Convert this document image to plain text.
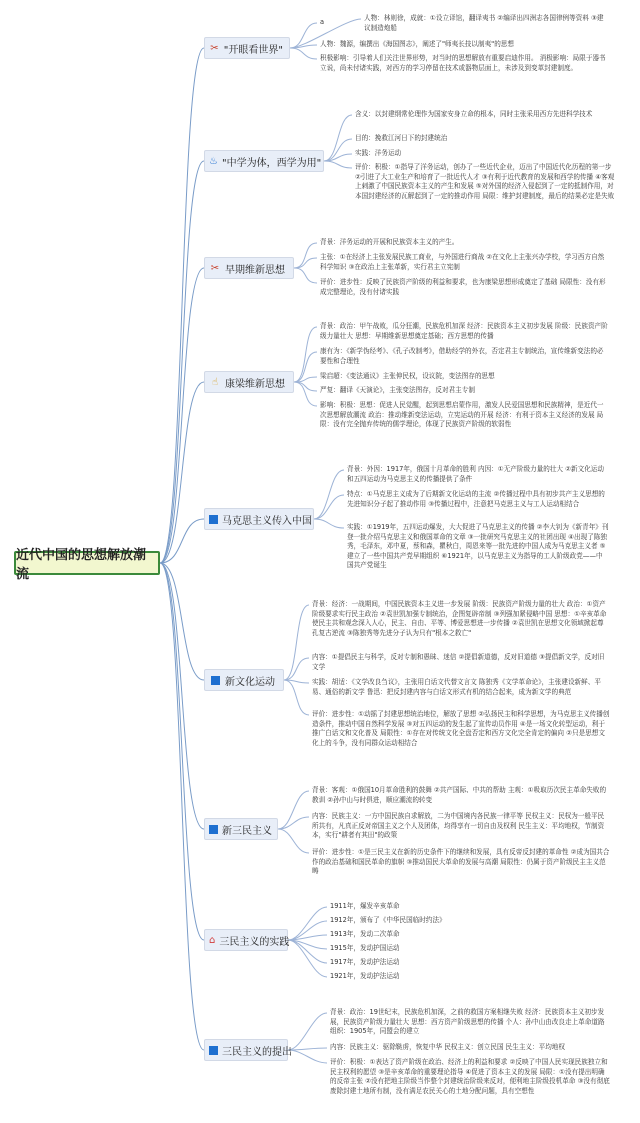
近代中国的思想解放潮流
✂ "开眼看世界"
a	人物：林则徐，成就：①设立译馆，翻译夷书 ②编译出四洲志各国律例等资料 ③建议制造炮船
人物：魏源，编撰出《海国图志》，阐述了"师夷长技以制夷"的思想
积极影响：引导着人们关注世界形势，对当时的思想解放有重要启迪作用。 消极影响：局限于器书立说，尚未付诸实践，对西方的学习停留在技术或器物层面上，未涉及到变革封建制度。
♨ "中学为体，西学为用"
含义：以封建纲常伦理作为国家安身立命的根本，同时主张采用西方先进科学技术
目的：挽救江河日下的封建统治
实践：洋务运动
评价：积极：①指导了洋务运动，创办了一些近代企业，迈出了中国近代化历程的第一步 ②引进了大工业生产和培育了一批近代人才 ③有利于近代教育的发展和西学的传播 ④客观上刺激了中国民族资本主义的产生和发展 ⑤对外国的经济入侵起到了一定的抵制作用，对本国封建经济的瓦解起到了一定的推动作用 局限：维护封建制度，最后的结果必定是失败
✂ 早期维新思想
背景：洋务运动的开展和民族资本主义的产生。
主张：①在经济上主张发展民族工商业，与外国进行商战 ②在文化上主张兴办学校，学习西方自然科学知识 ③在政治上主张革新，实行君主立宪制
评价：进步性：反映了民族资产阶级的利益和要求，也为康梁思想形成奠定了基础 局限性：没有形成完整理论，没有付诸实践
☝ 康梁维新思想
背景：政治：甲午战败，瓜分狂潮，民族危机加深 经济：民族资本主义初步发展 阶级：民族资产阶级力量壮大 思想：早期维新思想奠定基础；西方思想的传播
康有为：《新学伪经考》、《孔子改制考》，借助经学的外衣，否定君主专制统治，宣传维新变法的必要性和合理性
梁启超：《变法通议》主张伸民权，设议院，变法图存的思想
严复：翻译《天演论》，主张变法图存，反对君主专制
影响：积极：思想：促进人民觉醒，起到思想启蒙作用，激发人民爱国思想和民族精神，是近代一次思想解放潮流 政治：推动维新变法运动，立宪运动的开展 经济：有利于资本主义经济的发展 局限：没有完全抛弃传统的儒学理论，体现了民族资产阶级的软弱性
马克思主义传入中国
背景：外因：1917年，俄国十月革命的胜利 内因：①无产阶级力量的壮大 ②新文化运动和五四运动为马克思主义的传播提供了条件
特点：①马克思主义成为了后期新文化运动的主流 ②传播过程中具有初步共产主义思想的先进知识分子起了推动作用 ③传播过程中，注意把马克思主义与工人运动相结合
实践：①1919年，五四运动爆发，大大促进了马克思主义的传播 ②李大钊为《新青年》刊登一批介绍马克思主义和俄国革命的文章 ③一批研究马克思主义的社团出现 ④出现了陈独秀，毛泽东，邓中夏，蔡和森，瞿秋白，周恩来等一批先进的中国人成为马克思主义者 ⑤建立了一些中国共产党早期组织 ⑥1921年，以马克思主义为指导的工人阶级政党——中国共产党诞生
新文化运动
背景：经济：一战期间，中国民族资本主义进一步发展 阶级：民族资产阶级力量的壮大 政治：①资产阶级要求实行民主政治 ②袁世凯加强专制统治，企图复辟帝制 ③列强加紧侵略中国 思想：①辛亥革命使民主共和观念深入人心，民主、自由、平等、博爱思想进一步传播 ②袁世凯在思想文化领域掀起尊孔复古逆流 ③陈独秀等先进分子认为只有"根本之救亡"
内容：①提倡民主与科学，反对专制和愚昧、迷信 ②提倡新道德，反对旧道德 ③提倡新文学，反对旧文学
实践：胡适：《文学改良刍议》，主张用白话文代替文言文 陈独秀《文学革命论》，主张建设新鲜、平易、通俗的新文学 鲁迅：把反封建内容与白话文形式有机的结合起来，成为新文学的典范
评价：进步性：①动摇了封建思想统治地位，解放了思想 ②弘扬民主和科学思想，为马克思主义传播创造条件，推动中国自然科学发展 ③对五四运动的发生起了宣传动员作用 ④是一场文化转型运动，利于推广白话文和文化普及 局限性：①存在对传统文化全盘否定和西方文化完全肯定的偏向 ②只是思想文化上的斗争，没有同群众运动相结合
新三民主义
背景：客观：①俄国10月革命胜利的鼓舞 ②共产国际、中共的帮助 主观：①吸取历次民主革命失败的教训 ②孙中山与时俱进，顺应潮流的转变
内容：民族主义：一方中国民族自求解放，二为中国境内各民族一律平等 民权主义：民权为一般平民所共有，凡真正反对帝国主义之个人及团体，均得享有一切自由及权利 民生主义：平均地权，节制资本，实行"耕者有其田"的政策
评价：进步性：①是三民主义在新的历史条件下的继续和发展，具有反帝反封建的革命性 ②成为国共合作的政治基础和国民革命的旗帜 ③推动国民大革命的发展与高潮 局限性：仍属于资产阶级民主主义范畴
⌂ 三民主义的实践
1911年，爆发辛亥革命
1912年，颁布了《中华民国临时约法》
1913年，发动二次革命
1915年，发动护国运动
1917年，发动护法运动
1921年，发动护法运动
三民主义的提出
背景：政治：19世纪末，民族危机加深，之前的救国方案相继失败 经济：民族资本主义初步发展，民族资产阶级力量壮大 思想：西方资产阶级思想的传播 个人：孙中山由改良走上革命道路 组织：1905年，同盟会的建立
内容：民族主义：驱除鞑虏，恢复中华 民权主义：创立民国 民生主义：平均地权
评价：积极：①表达了资产阶级在政治、经济上的利益和要求 ②反映了中国人民实现民族独立和民主权利的愿望 ③是辛亥革命的重要理论指导 ④促进了资本主义的发展 局限：①没有提出明确的反帝主张 ②没有把地主阶级当作整个封建统治阶级来反对，便利地主阶级投机革命 ③没有彻底废除封建土地所有制，没有满足农民关心的土地分配问题，具有空想性
